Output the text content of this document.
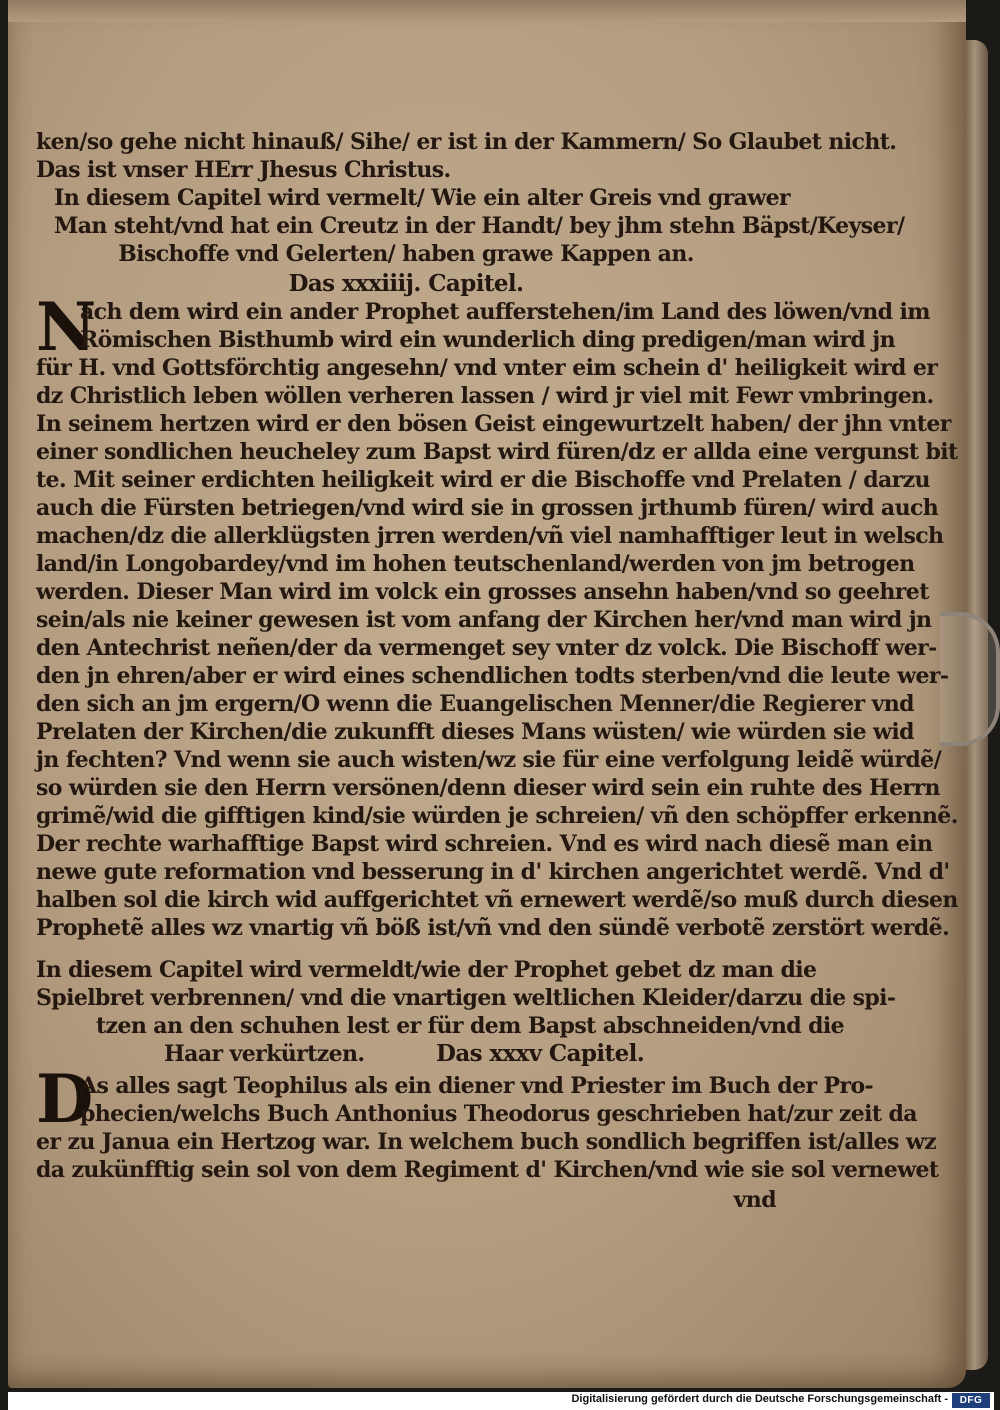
ken/so gehe nicht hinauß/ Sihe/ er ist in der Kammern/ So Glaubet nicht.
Das ist vnser HErr Jhesus Christus.
In diesem Capitel wird vermelt/ Wie ein alter Greis vnd grawer
Man steht/vnd hat ein Creutz in der Handt/ bey jhm stehn Bäpst/Keyser/
Bischoffe vnd Gelerten/ haben grawe Kappen an.
Das xxxiiij. Capitel.
N
ach dem wird ein ander Prophet aufferstehen/im Land des löwen/vnd im
Römischen Bisthumb wird ein wunderlich ding predigen/man wird jn
für H. vnd Gottsförchtig angesehn/ vnd vnter eim schein d' heiligkeit wird er
dz Christlich leben wöllen verheren lassen / wird jr viel mit Fewr vmbringen.
In seinem hertzen wird er den bösen Geist eingewurtzelt haben/ der jhn vnter
einer sondlichen heucheley zum Bapst wird füren/dz er allda eine vergunst bit
te. Mit seiner erdichten heiligkeit wird er die Bischoffe vnd Prelaten / darzu
auch die Fürsten betriegen/vnd wird sie in grossen jrthumb füren/ wird auch
machen/dz die allerklügsten jrren werden/vñ viel namhafftiger leut in welsch
land/in Longobardey/vnd im hohen teutschenland/werden von jm betrogen
werden. Dieser Man wird im volck ein grosses ansehn haben/vnd so geehret
sein/als nie keiner gewesen ist vom anfang der Kirchen her/vnd man wird jn
den Antechrist neñen/der da vermenget sey vnter dz volck. Die Bischoff wer-
den jn ehren/aber er wird eines schendlichen todts sterben/vnd die leute wer-
den sich an jm ergern/O wenn die Euangelischen Menner/die Regierer vnd
Prelaten der Kirchen/die zukunfft dieses Mans wüsten/ wie würden sie wid
jn fechten? Vnd wenn sie auch wisten/wz sie für eine verfolgung leidẽ würdẽ/
so würden sie den Herrn versönen/denn dieser wird sein ein ruhte des Herrn
grimẽ/wid die gifftigen kind/sie würden je schreien/ vñ den schöpffer erkennẽ.
Der rechte warhafftige Bapst wird schreien. Vnd es wird nach diesẽ man ein
newe gute reformation vnd besserung in d' kirchen angerichtet werdẽ. Vnd d'
halben sol die kirch wid auffgerichtet vñ ernewert werdẽ/so muß durch diesen
Prophetẽ alles wz vnartig vñ böß ist/vñ vnd den sündẽ verbotẽ zerstört werdẽ.
In diesem Capitel wird vermeldt/wie der Prophet gebet dz man die
Spielbret verbrennen/ vnd die vnartigen weltlichen Kleider/darzu die spi-
tzen an den schuhen lest er für dem Bapst abschneiden/vnd die
Haar verkürtzen.	Das xxxv Capitel.
D
As alles sagt Teophilus als ein diener vnd Priester im Buch der Pro-
phecien/welchs Buch Anthonius Theodorus geschrieben hat/zur zeit da
er zu Janua ein Hertzog war. In welchem buch sondlich begriffen ist/alles wz
da zukünfftig sein sol von dem Regiment d' Kirchen/vnd wie sie sol vernewet
vnd
Digitalisierung gefördert durch die Deutsche Forschungsgemeinschaft -	DFG
